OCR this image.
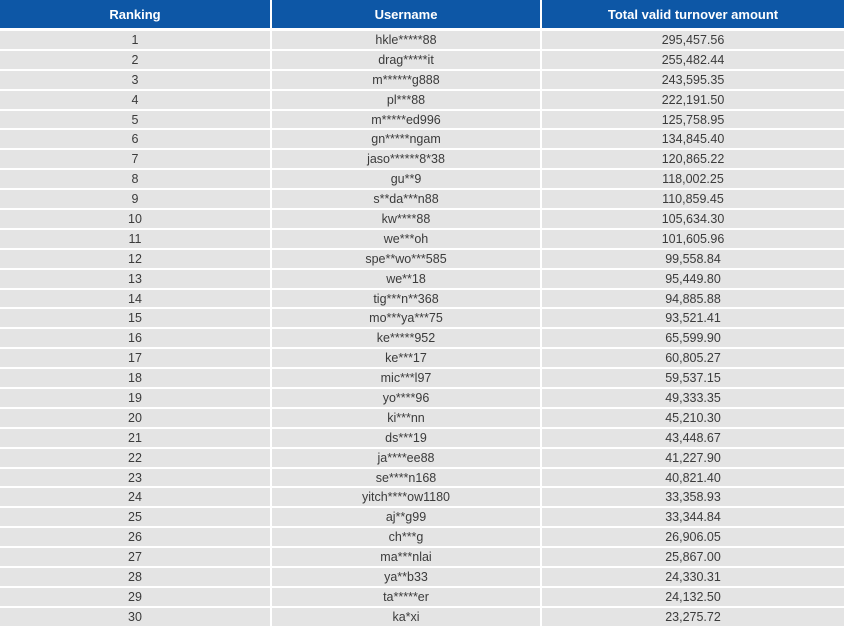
Ranking	Username	Total valid turnover amount
1	hkle*****88	295,457.56
2	drag*****it	255,482.44
3	m******g888	243,595.35
4	pl***88	222,191.50
5	m*****ed996	125,758.95
6	gn*****ngam	134,845.40
7	jaso******8*38	120,865.22
8	gu**9	118,002.25
9	s**da***n88	110,859.45
10	kw****88	105,634.30
11	we***oh	101,605.96
12	spe**wo***585	99,558.84
13	we**18	95,449.80
14	tig***n**368	94,885.88
15	mo***ya***75	93,521.41
16	ke*****952	65,599.90
17	ke***17	60,805.27
18	mic***l97	59,537.15
19	yo****96	49,333.35
20	ki***nn	45,210.30
21	ds***19	43,448.67
22	ja****ee88	41,227.90
23	se****n168	40,821.40
24	yitch****ow1180	33,358.93
25	aj**g99	33,344.84
26	ch***g	26,906.05
27	ma***nlai	25,867.00
28	ya**b33	24,330.31
29	ta*****er	24,132.50
30	ka*xi	23,275.72
